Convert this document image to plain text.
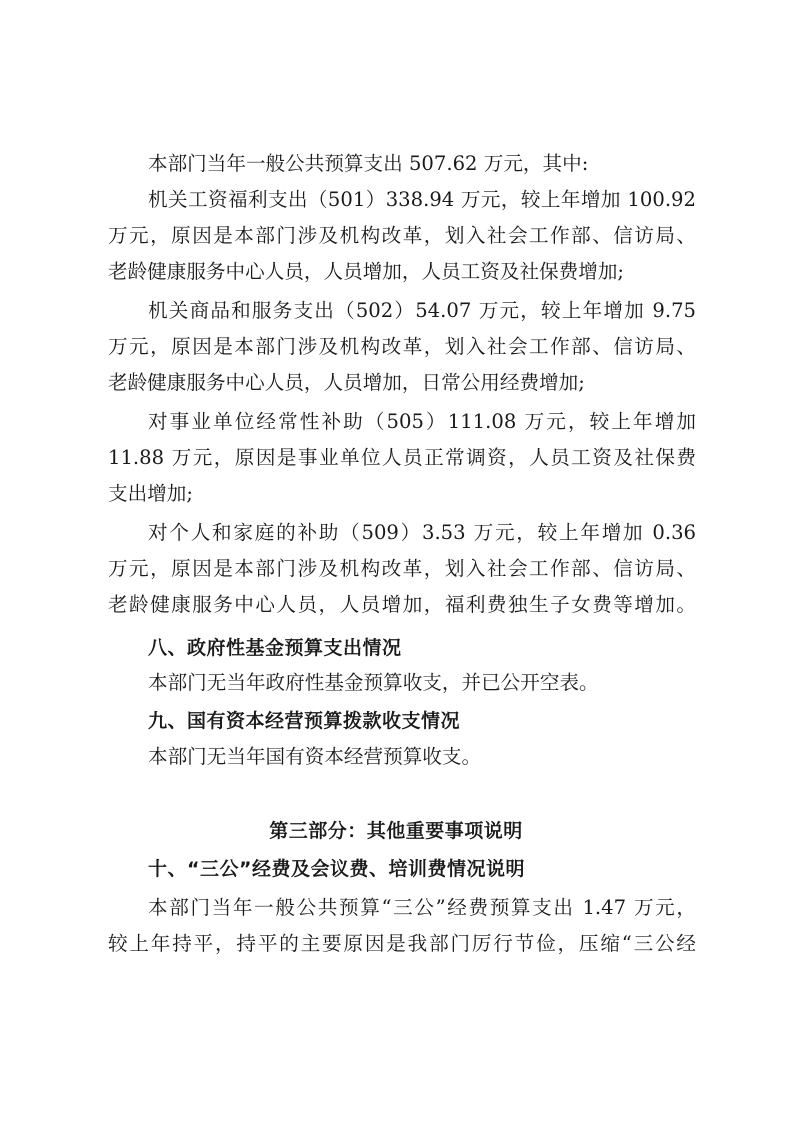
本部门当年一般公共预算支出 507.62 万元，其中:
机关工资福利支出（501）338.94 万元，较上年增加 100.92
万元，原因是本部门涉及机构改革，划入社会工作部、信访局、
老龄健康服务中心人员，人员增加，人员工资及社保费增加;
机关商品和服务支出（502）54.07 万元，较上年增加 9.75
万元，原因是本部门涉及机构改革，划入社会工作部、信访局、
老龄健康服务中心人员，人员增加，日常公用经费增加;
对事业单位经常性补助（505）111.08 万元，较上年增加
11.88 万元，原因是事业单位人员正常调资，人员工资及社保费
支出增加;
对个人和家庭的补助（509）3.53 万元，较上年增加 0.36
万元，原因是本部门涉及机构改革，划入社会工作部、信访局、
老龄健康服务中心人员，人员增加，福利费独生子女费等增加。
八、政府性基金预算支出情况
本部门无当年政府性基金预算收支，并已公开空表。
九、国有资本经营预算拨款收支情况
本部门无当年国有资本经营预算收支。
第三部分：其他重要事项说明
十、“三公”经费及会议费、培训费情况说明
本部门当年一般公共预算“三公”经费预算支出 1.47 万元，
较上年持平，持平的主要原因是我部门厉行节俭，压缩“三公经
